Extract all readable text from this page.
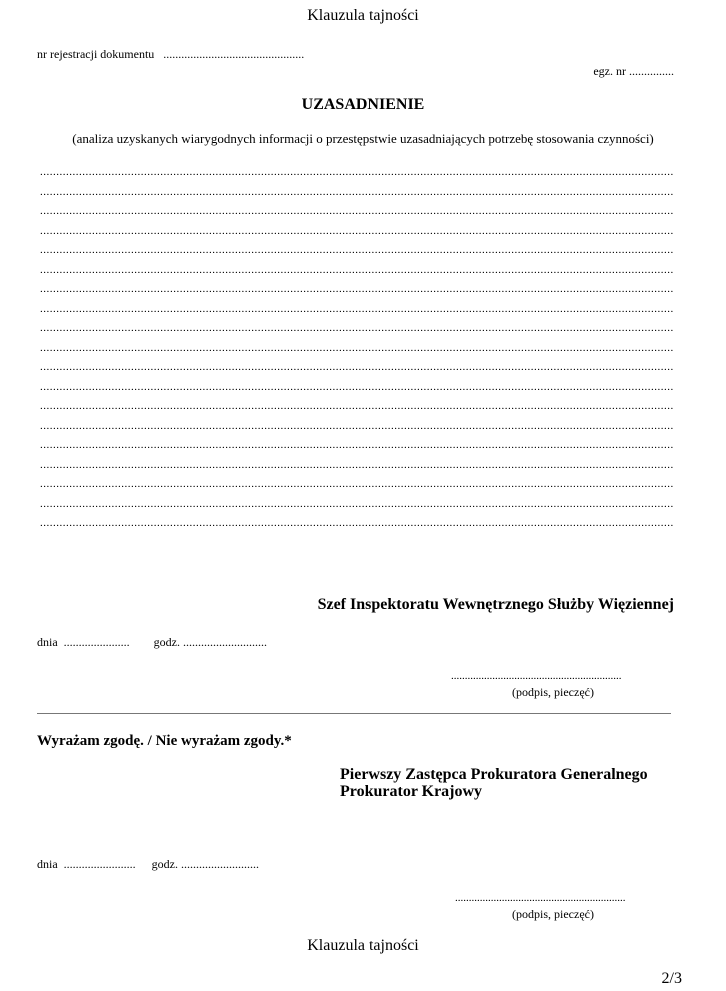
Klauzula tajności
nr rejestracji dokumentu ...............................................
egz. nr ...............
UZASADNIENIE
(analiza uzyskanych wiarygodnych informacji o przestępstwie uzasadniających potrzebę stosowania czynności)
.....
.....
.....
.....
.....
.....
.....
.....
.....
.....
.....
.....
.....
.....
.....
.....
.....
.....
.....
Szef Inspektoratu Wewnętrznego Służby Więziennej
dnia ...................... godz. ............................
..............................................................
(podpis, pieczęć)
Wyrażam zgodę. / Nie wyrażam zgody.*
Pierwszy Zastępca Prokuratora Generalnego
Prokurator Krajowy
dnia ........................ godz. ..........................
..............................................................
(podpis, pieczęć)
Klauzula tajności
2/3
